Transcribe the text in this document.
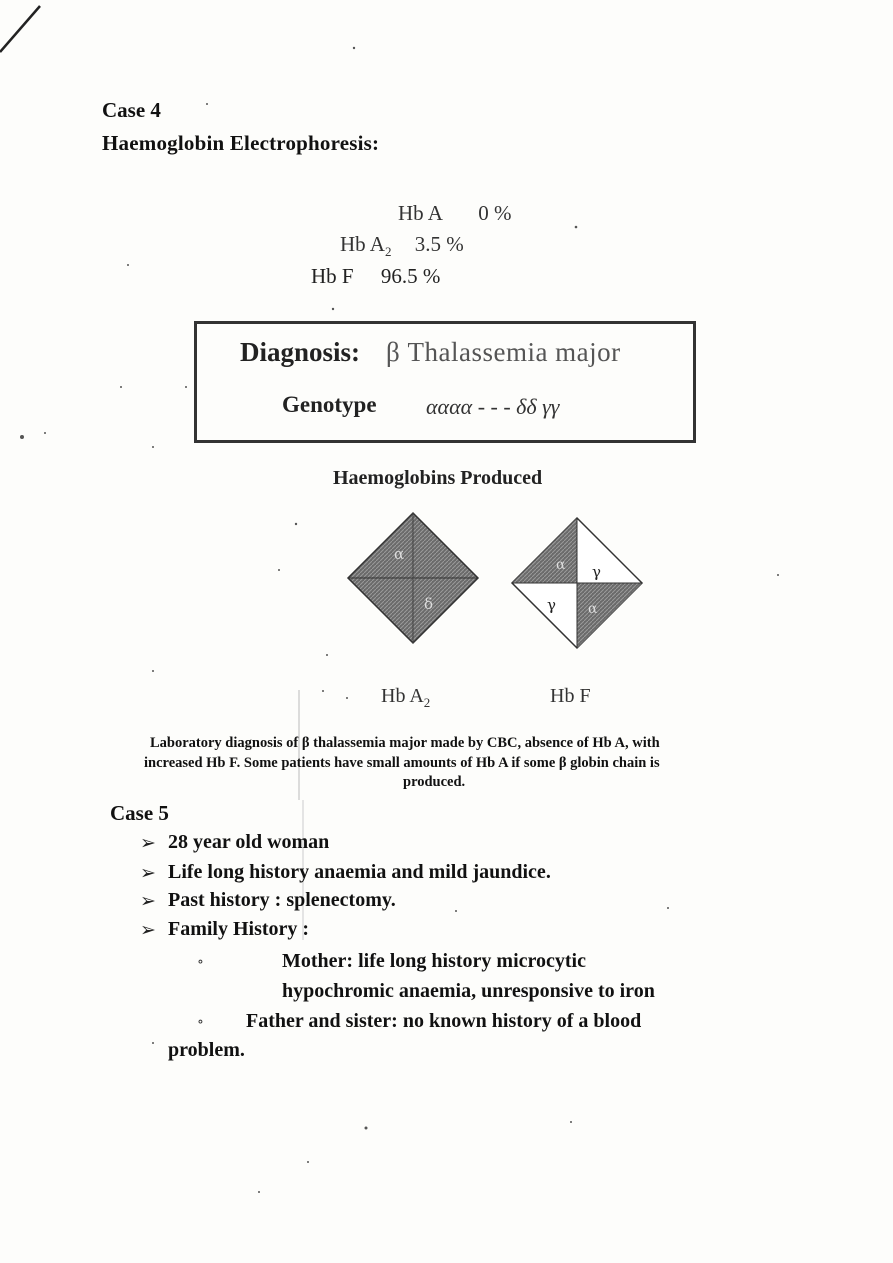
Case 4
Haemoglobin Electrophoresis:
Hb A 0 %
Hb $A_2$ 3.5 %
Hb F 96.5 %
Diagnosis: β Thalassemia major
Genotype αααα - - - δδ γγ
Haemoglobins Produced
α
δ
α γ
γ α
Hb $A_2$	Hb F
Laboratory diagnosis of β thalassemia major made by CBC, absence of Hb A, with
increased Hb F. Some patients have small amounts of Hb A if some β globin chain is
produced.
Case 5
➢ 28 year old woman
➢ Life long history anaemia and mild jaundice.
➢ Past history : splenectomy.
➢ Family History :
∘	Mother: life long history microcytic
hypochromic anaemia, unresponsive to iron
∘ Father and sister: no known history of a blood
problem.
